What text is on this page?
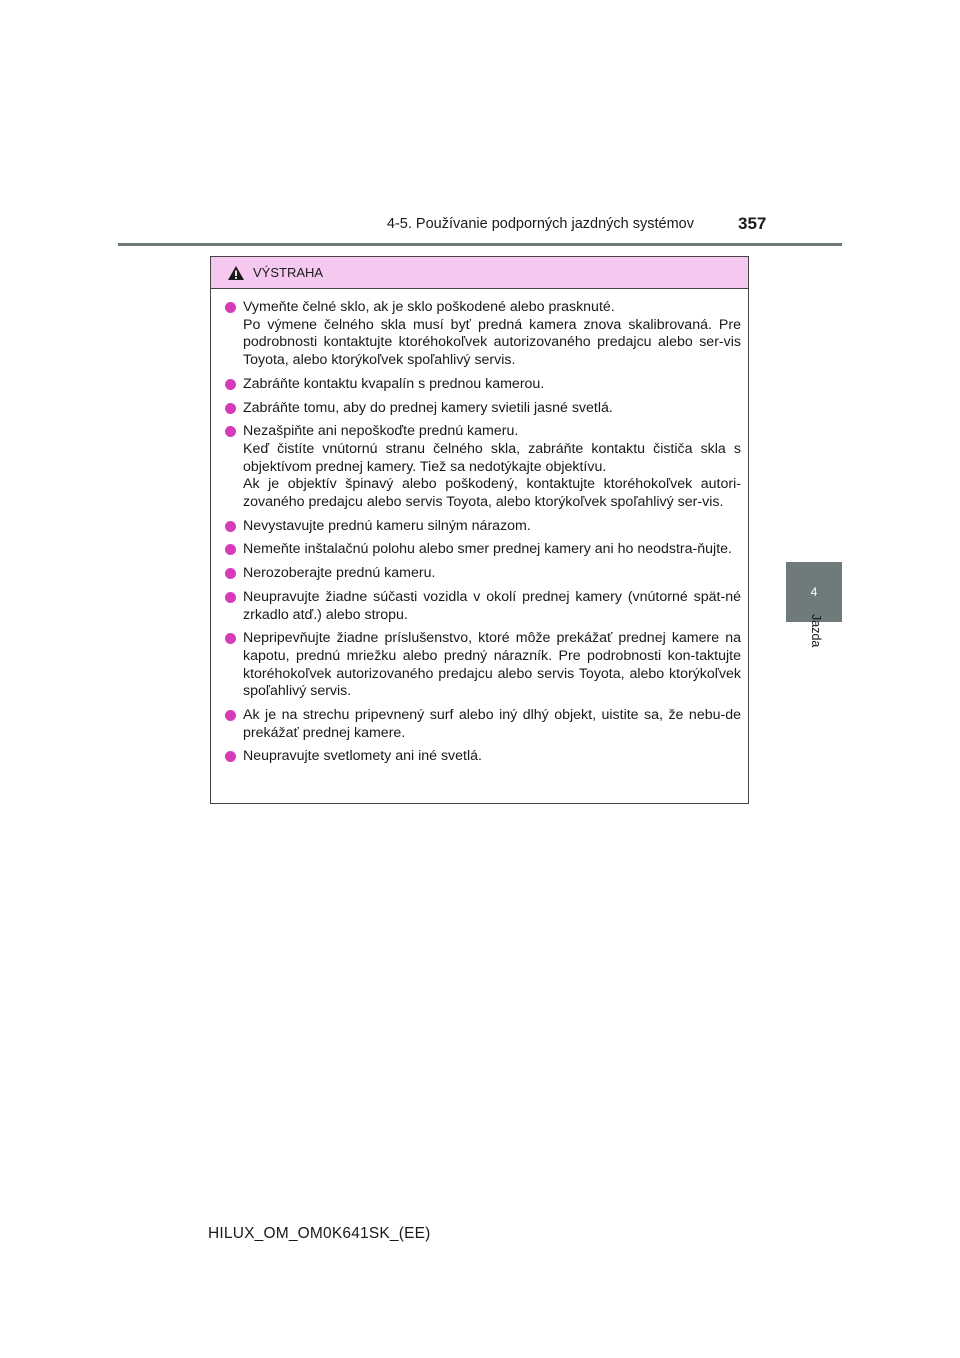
4-5. Používanie podporných jazdných systémov	357
4
Jazda
VÝSTRAHA
Vymeňte čelné sklo, ak je sklo poškodené alebo prasknuté.
Po výmene čelného skla musí byť predná kamera znova skalibrovaná. Pre podrobnosti kontaktujte ktoréhokoľvek autorizovaného predajcu alebo ser-vis Toyota, alebo ktorýkoľvek spoľahlivý servis.
Zabráňte kontaktu kvapalín s prednou kamerou.
Zabráňte tomu, aby do prednej kamery svietili jasné svetlá.
Nezašpiňte ani nepoškoďte prednú kameru.
Keď čistíte vnútornú stranu čelného skla, zabráňte kontaktu čističa skla s objektívom prednej kamery. Tiež sa nedotýkajte objektívu.
Ak je objektív špinavý alebo poškodený, kontaktujte ktoréhokoľvek autori-zovaného predajcu alebo servis Toyota, alebo ktorýkoľvek spoľahlivý ser-vis.
Nevystavujte prednú kameru silným nárazom.
Nemeňte inštalačnú polohu alebo smer prednej kamery ani ho neodstra-ňujte.
Nerozoberajte prednú kameru.
Neupravujte žiadne súčasti vozidla v okolí prednej kamery (vnútorné spät-né zrkadlo atď.) alebo stropu.
Nepripevňujte žiadne príslušenstvo, ktoré môže prekážať prednej kamere na kapotu, prednú mriežku alebo predný nárazník. Pre podrobnosti kon-taktujte ktoréhokoľvek autorizovaného predajcu alebo servis Toyota, alebo ktorýkoľvek spoľahlivý servis.
Ak je na strechu pripevnený surf alebo iný dlhý objekt, uistite sa, že nebu-de prekážať prednej kamere.
Neupravujte svetlomety ani iné svetlá.
HILUX_OM_OM0K641SK_(EE)
